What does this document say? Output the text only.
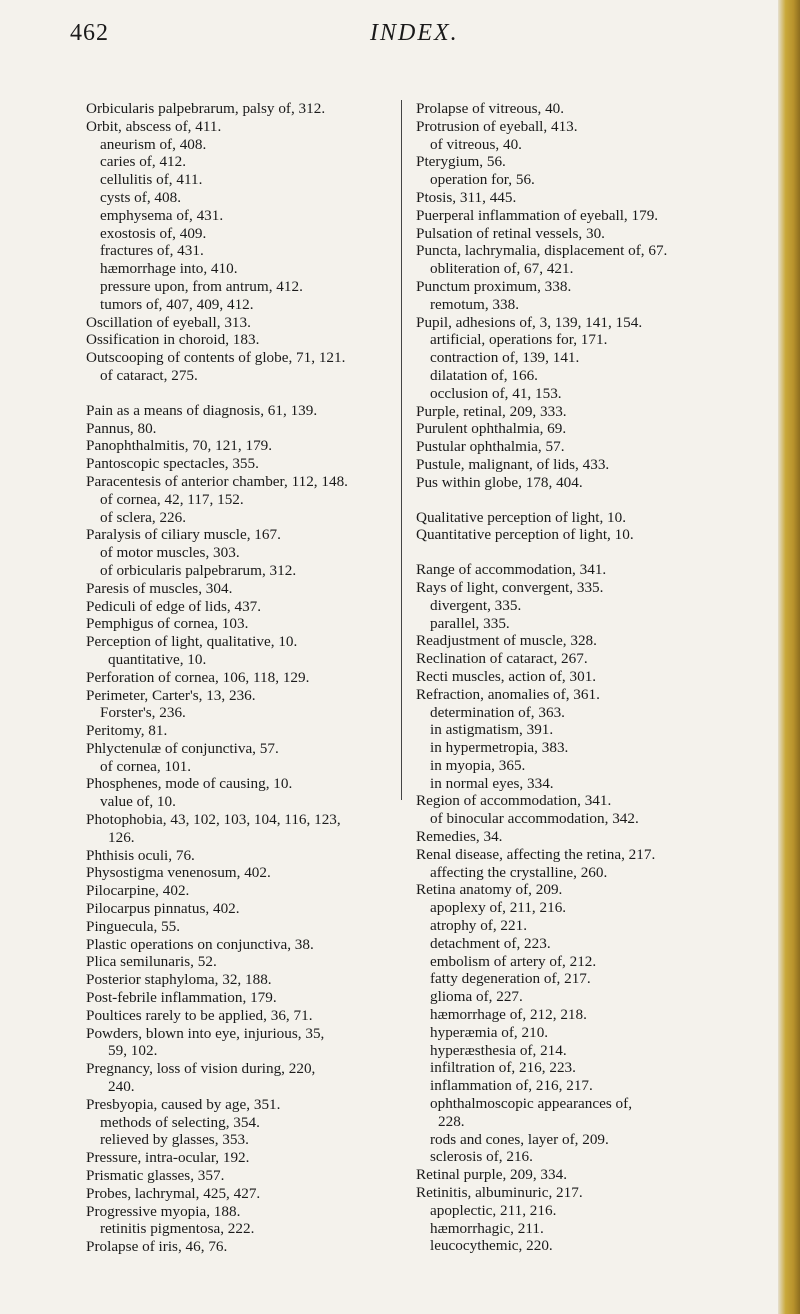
462	INDEX.
Orbicularis palpebrarum, palsy of, 312.
Orbit, abscess of, 411.
aneurism of, 408.
caries of, 412.
cellulitis of, 411.
cysts of, 408.
emphysema of, 431.
exostosis of, 409.
fractures of, 431.
hæmorrhage into, 410.
pressure upon, from antrum, 412.
tumors of, 407, 409, 412.
Oscillation of eyeball, 313.
Ossification in choroid, 183.
Outscooping of contents of globe, 71, 121.
of cataract, 275.
Pain as a means of diagnosis, 61, 139.
Pannus, 80.
Panophthalmitis, 70, 121, 179.
Pantoscopic spectacles, 355.
Paracentesis of anterior chamber, 112, 148.
of cornea, 42, 117, 152.
of sclera, 226.
Paralysis of ciliary muscle, 167.
of motor muscles, 303.
of orbicularis palpebrarum, 312.
Paresis of muscles, 304.
Pediculi of edge of lids, 437.
Pemphigus of cornea, 103.
Perception of light, qualitative, 10.
quantitative, 10.
Perforation of cornea, 106, 118, 129.
Perimeter, Carter's, 13, 236.
Forster's, 236.
Peritomy, 81.
Phlyctenulæ of conjunctiva, 57.
of cornea, 101.
Phosphenes, mode of causing, 10.
value of, 10.
Photophobia, 43, 102, 103, 104, 116, 123,
126.
Phthisis oculi, 76.
Physostigma venenosum, 402.
Pilocarpine, 402.
Pilocarpus pinnatus, 402.
Pinguecula, 55.
Plastic operations on conjunctiva, 38.
Plica semilunaris, 52.
Posterior staphyloma, 32, 188.
Post-febrile inflammation, 179.
Poultices rarely to be applied, 36, 71.
Powders, blown into eye, injurious, 35,
59, 102.
Pregnancy, loss of vision during, 220,
240.
Presbyopia, caused by age, 351.
methods of selecting, 354.
relieved by glasses, 353.
Pressure, intra-ocular, 192.
Prismatic glasses, 357.
Probes, lachrymal, 425, 427.
Progressive myopia, 188.
retinitis pigmentosa, 222.
Prolapse of iris, 46, 76.
Prolapse of vitreous, 40.
Protrusion of eyeball, 413.
of vitreous, 40.
Pterygium, 56.
operation for, 56.
Ptosis, 311, 445.
Puerperal inflammation of eyeball, 179.
Pulsation of retinal vessels, 30.
Puncta, lachrymalia, displacement of, 67.
obliteration of, 67, 421.
Punctum proximum, 338.
remotum, 338.
Pupil, adhesions of, 3, 139, 141, 154.
artificial, operations for, 171.
contraction of, 139, 141.
dilatation of, 166.
occlusion of, 41, 153.
Purple, retinal, 209, 333.
Purulent ophthalmia, 69.
Pustular ophthalmia, 57.
Pustule, malignant, of lids, 433.
Pus within globe, 178, 404.
Qualitative perception of light, 10.
Quantitative perception of light, 10.
Range of accommodation, 341.
Rays of light, convergent, 335.
divergent, 335.
parallel, 335.
Readjustment of muscle, 328.
Reclination of cataract, 267.
Recti muscles, action of, 301.
Refraction, anomalies of, 361.
determination of, 363.
in astigmatism, 391.
in hypermetropia, 383.
in myopia, 365.
in normal eyes, 334.
Region of accommodation, 341.
of binocular accommodation, 342.
Remedies, 34.
Renal disease, affecting the retina, 217.
affecting the crystalline, 260.
Retina anatomy of, 209.
apoplexy of, 211, 216.
atrophy of, 221.
detachment of, 223.
embolism of artery of, 212.
fatty degeneration of, 217.
glioma of, 227.
hæmorrhage of, 212, 218.
hyperæmia of, 210.
hyperæsthesia of, 214.
infiltration of, 216, 223.
inflammation of, 216, 217.
ophthalmoscopic appearances of,
228.
rods and cones, layer of, 209.
sclerosis of, 216.
Retinal purple, 209, 334.
Retinitis, albuminuric, 217.
apoplectic, 211, 216.
hæmorrhagic, 211.
leucocythemic, 220.
